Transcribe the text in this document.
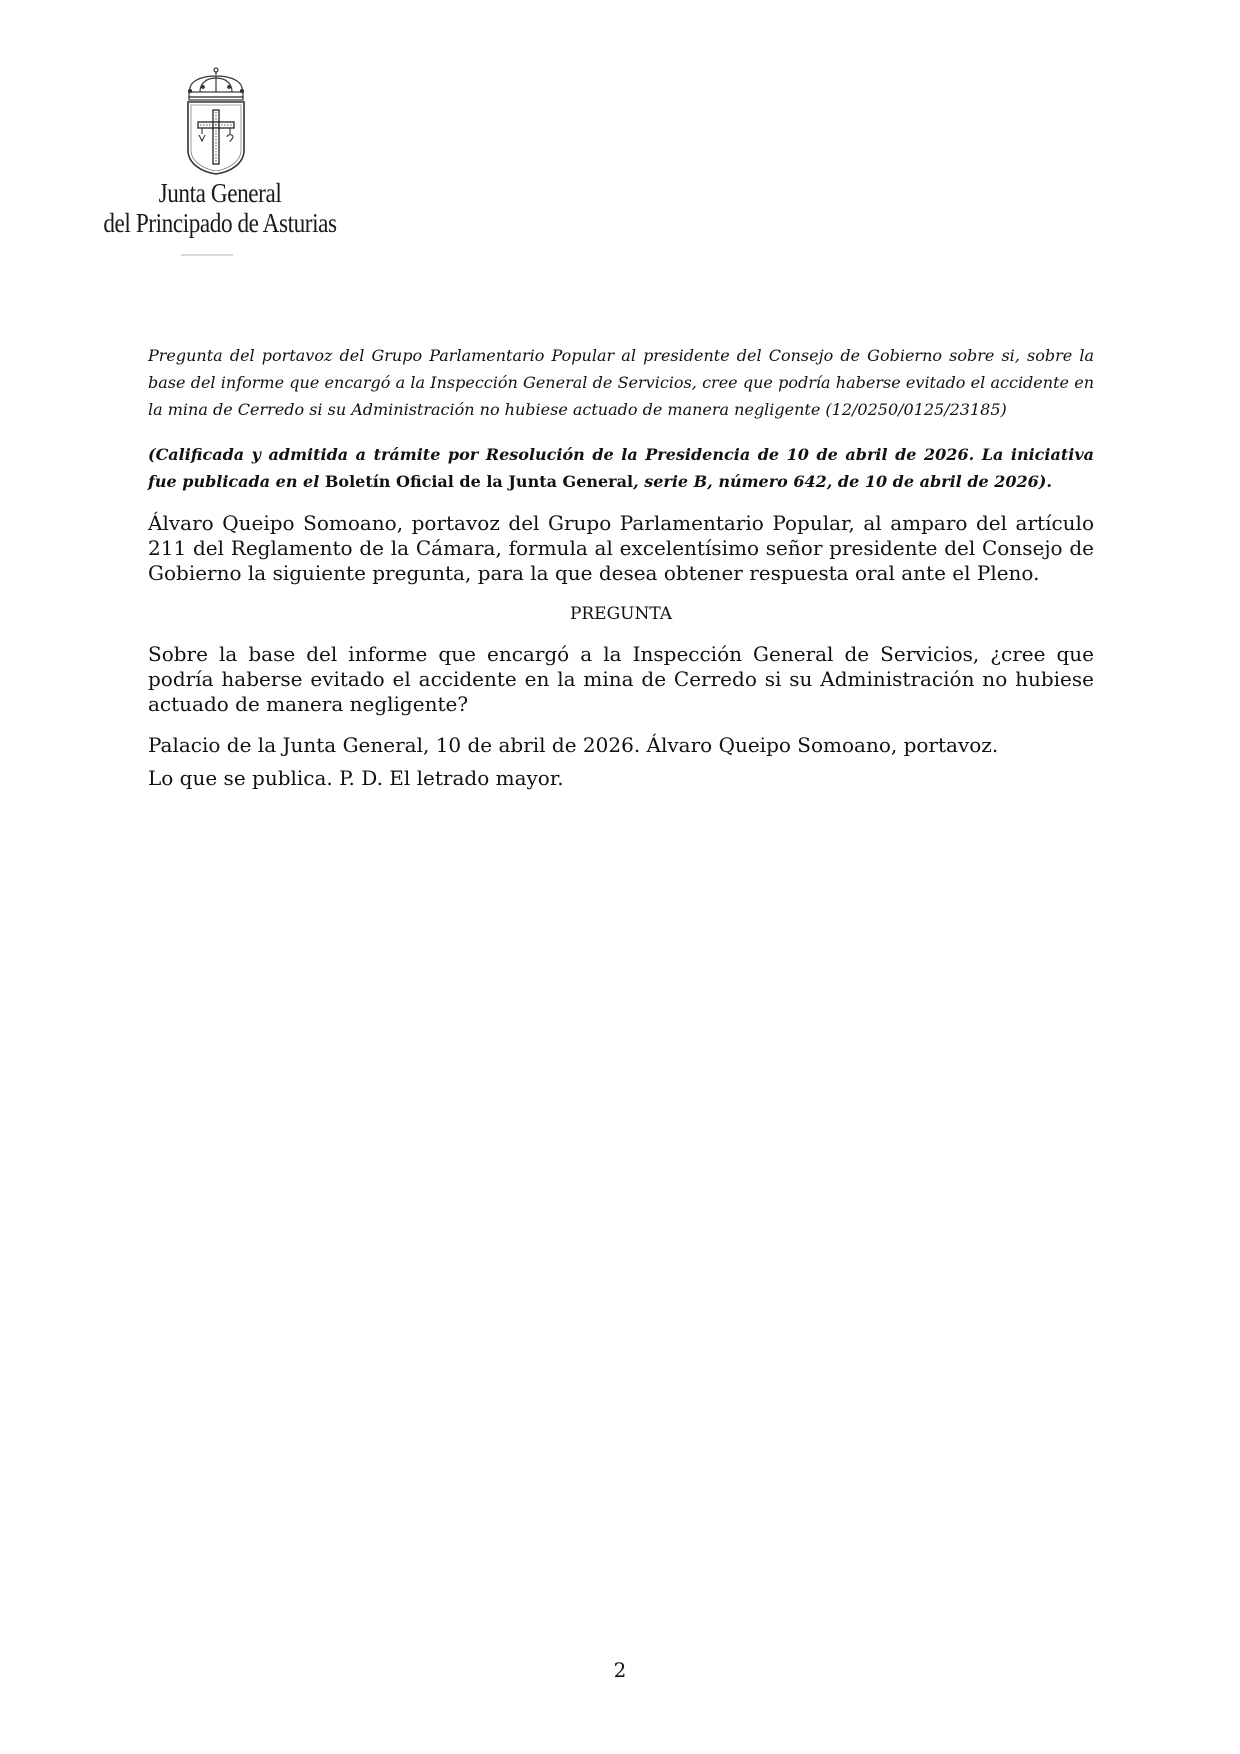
Junta General
del Principado de Asturias

Pregunta del portavoz del Grupo Parlamentario Popular al presidente del Consejo de Gobierno sobre si, sobre la base del informe que encargó a la Inspección General de Servicios, cree que podría haberse evitado el accidente en la mina de Cerredo si su Administración no hubiese actuado de manera negligente (12/0250/0125/23185)

(Calificada y admitida a trámite por Resolución de la Presidencia de 10 de abril de 2026. La iniciativa fue publicada en el Boletín Oficial de la Junta General, serie B, número 642, de 10 de abril de 2026).

Álvaro Queipo Somoano, portavoz del Grupo Parlamentario Popular, al amparo del artículo 211 del Reglamento de la Cámara, formula al excelentísimo señor presidente del Consejo de Gobierno la siguiente pregunta, para la que desea obtener respuesta oral ante el Pleno.

PREGUNTA

Sobre la base del informe que encargó a la Inspección General de Servicios, ¿cree que podría haberse evitado el accidente en la mina de Cerredo si su Administración no hubiese actuado de manera negligente?

Palacio de la Junta General, 10 de abril de 2026. Álvaro Queipo Somoano, portavoz.

Lo que se publica. P. D. El letrado mayor.

2
